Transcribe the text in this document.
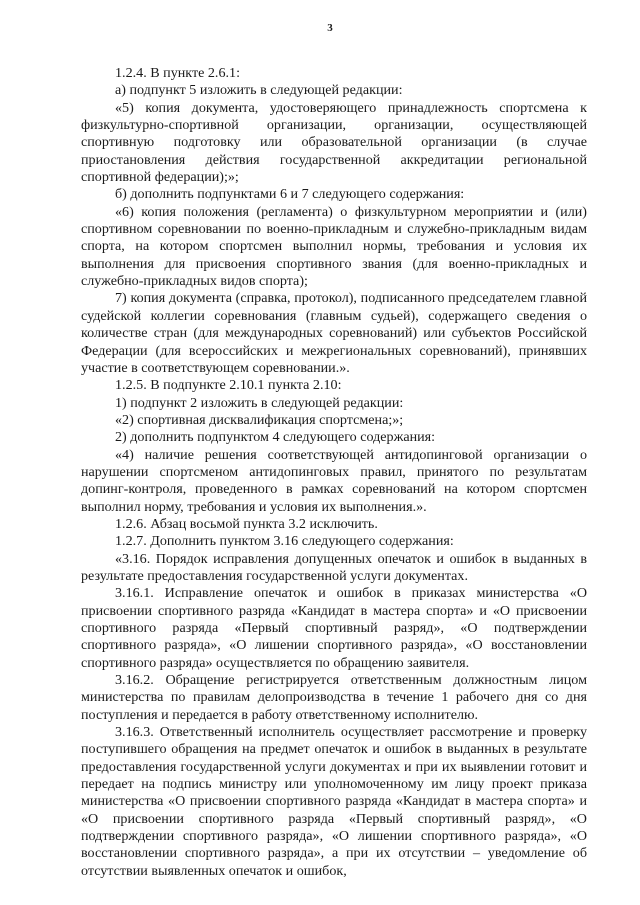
3

1.2.4. В пункте 2.6.1:

а) подпункт 5 изложить в следующей редакции:

«5) копия документа, удостоверяющего принадлежность спортсмена к физкультурно-спортивной организации, организации, осуществляющей спортивную подготовку или образовательной организации (в случае приостановления действия государственной аккредитации региональной спортивной федерации);»;

б) дополнить подпунктами 6 и 7 следующего содержания:

«6) копия положения (регламента) о физкультурном мероприятии и (или) спортивном соревновании по военно-прикладным и служебно-прикладным видам спорта, на котором спортсмен выполнил нормы, требования и условия их выполнения для присвоения спортивного звания (для военно-прикладных и служебно-прикладных видов спорта);

7) копия документа (справка, протокол), подписанного председателем главной судейской коллегии соревнования (главным судьей), содержащего сведения о количестве стран (для международных соревнований) или субъектов Российской Федерации (для всероссийских и межрегиональных соревнований), принявших участие в соответствующем соревновании.».

1.2.5. В подпункте 2.10.1 пункта 2.10:

1) подпункт 2 изложить в следующей редакции:

«2) спортивная дисквалификация спортсмена;»;

2) дополнить подпунктом 4 следующего содержания:

«4) наличие решения соответствующей антидопинговой организации о нарушении спортсменом антидопинговых правил, принятого по результатам допинг-контроля, проведенного в рамках соревнований на котором спортсмен выполнил норму, требования и условия их выполнения.».

1.2.6. Абзац восьмой пункта 3.2 исключить.

1.2.7. Дополнить пунктом 3.16 следующего содержания:

«3.16. Порядок исправления допущенных опечаток и ошибок в выданных в результате предоставления государственной услуги документах.

3.16.1. Исправление опечаток и ошибок в приказах министерства «О присвоении спортивного разряда «Кандидат в мастера спорта» и «О присвоении спортивного разряда «Первый спортивный разряд», «О подтверждении спортивного разряда», «О лишении спортивного разряда», «О восстановлении спортивного разряда» осуществляется по обращению заявителя.

3.16.2. Обращение регистрируется ответственным должностным лицом министерства по правилам делопроизводства в течение 1 рабочего дня со дня поступления и передается в работу ответственному исполнителю.

3.16.3. Ответственный исполнитель осуществляет рассмотрение и проверку поступившего обращения на предмет опечаток и ошибок в выданных в результате предоставления государственной услуги документах и при их выявлении готовит и передает на подпись министру или уполномоченному им лицу проект приказа министерства «О присвоении спортивного разряда «Кандидат в мастера спорта» и «О присвоении спортивного разряда «Первый спортивный разряд», «О подтверждении спортивного разряда», «О лишении спортивного разряда», «О восстановлении спортивного разряда», а при их отсутствии – уведомление об отсутствии выявленных опечаток и ошибок,
